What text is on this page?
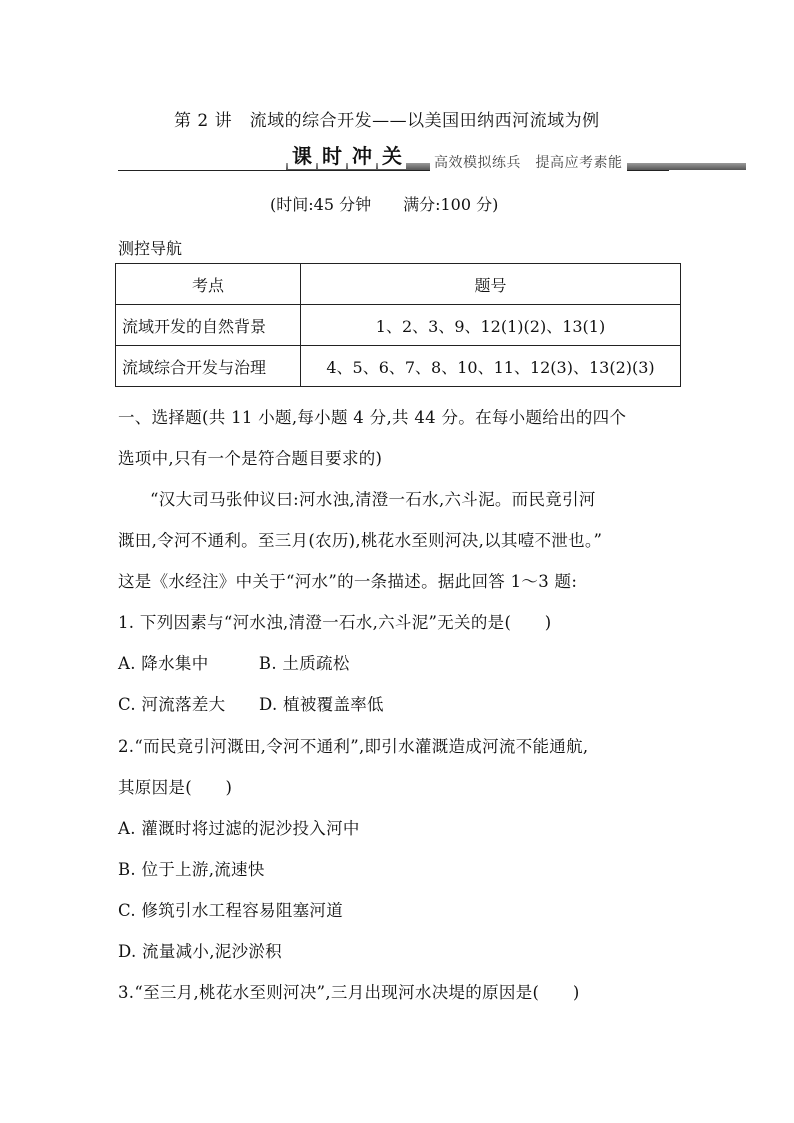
第 2 讲　流域的综合开发——以美国田纳西河流域为例
课 时 冲 关 高效模拟练兵　提高应考素能
(时间:45 分钟　　满分:100 分)
测控导航
考点	题号
流域开发的自然背景	1、2、3、9、12(1)(2)、13(1)
流域综合开发与治理	4、5、6、7、8、10、11、12(3)、13(2)(3)
一、选择题(共 11 小题,每小题 4 分,共 44 分。在每小题给出的四个
选项中,只有一个是符合题目要求的)
“汉大司马张仲议曰:河水浊,清澄一石水,六斗泥。而民竟引河
溉田,令河不通利。至三月(农历),桃花水至则河决,以其噎不泄也。”
这是《水经注》中关于“河水”的一条描述。据此回答 1～3 题:
1. 下列因素与“河水浊,清澄一石水,六斗泥”无关的是(　　)
A. 降水集中　　　B. 土质疏松
C. 河流落差大　　D. 植被覆盖率低
2.“而民竟引河溉田,令河不通利”,即引水灌溉造成河流不能通航,
其原因是(　　)
A. 灌溉时将过滤的泥沙投入河中
B. 位于上游,流速快
C. 修筑引水工程容易阻塞河道
D. 流量减小,泥沙淤积
3.“至三月,桃花水至则河决”,三月出现河水决堤的原因是(　　)
